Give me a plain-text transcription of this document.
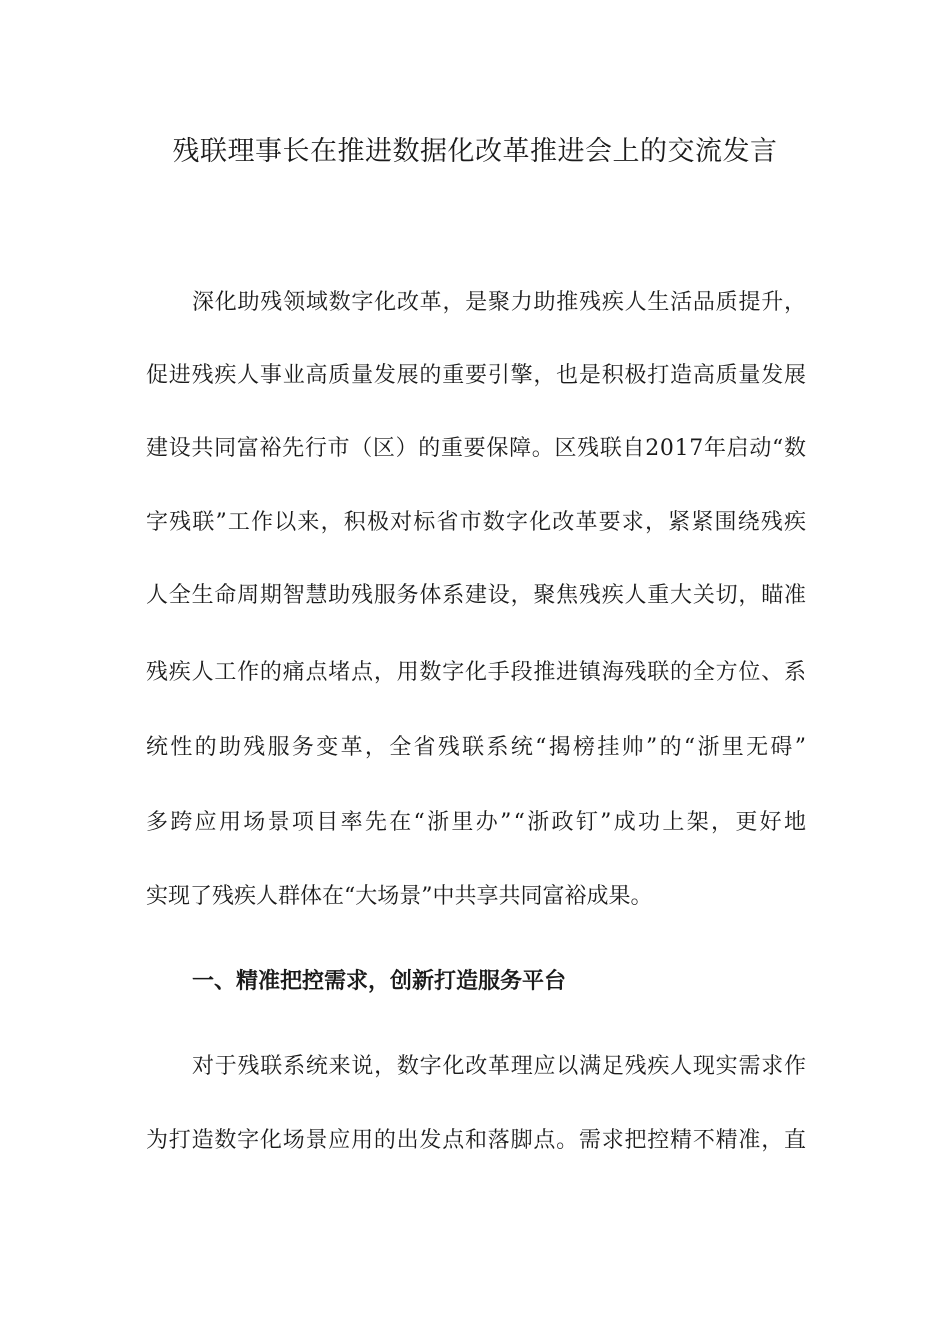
残联理事长在推进数据化改革推进会上的交流发言
深化助残领域数字化改革，是聚力助推残疾人生活品质提升，
促进残疾人事业高质量发展的重要引擎，也是积极打造高质量发展
建设共同富裕先行市（区）的重要保障。区残联自2017年启动“数
字残联”工作以来，积极对标省市数字化改革要求，紧紧围绕残疾
人全生命周期智慧助残服务体系建设，聚焦残疾人重大关切，瞄准
残疾人工作的痛点堵点，用数字化手段推进镇海残联的全方位、系
统性的助残服务变革，全省残联系统“揭榜挂帅”的“浙里无碍”
多跨应用场景项目率先在“浙里办”“浙政钉”成功上架，更好地
实现了残疾人群体在“大场景”中共享共同富裕成果。
一、精准把控需求，创新打造服务平台
对于残联系统来说，数字化改革理应以满足残疾人现实需求作
为打造数字化场景应用的出发点和落脚点。需求把控精不精准，直
